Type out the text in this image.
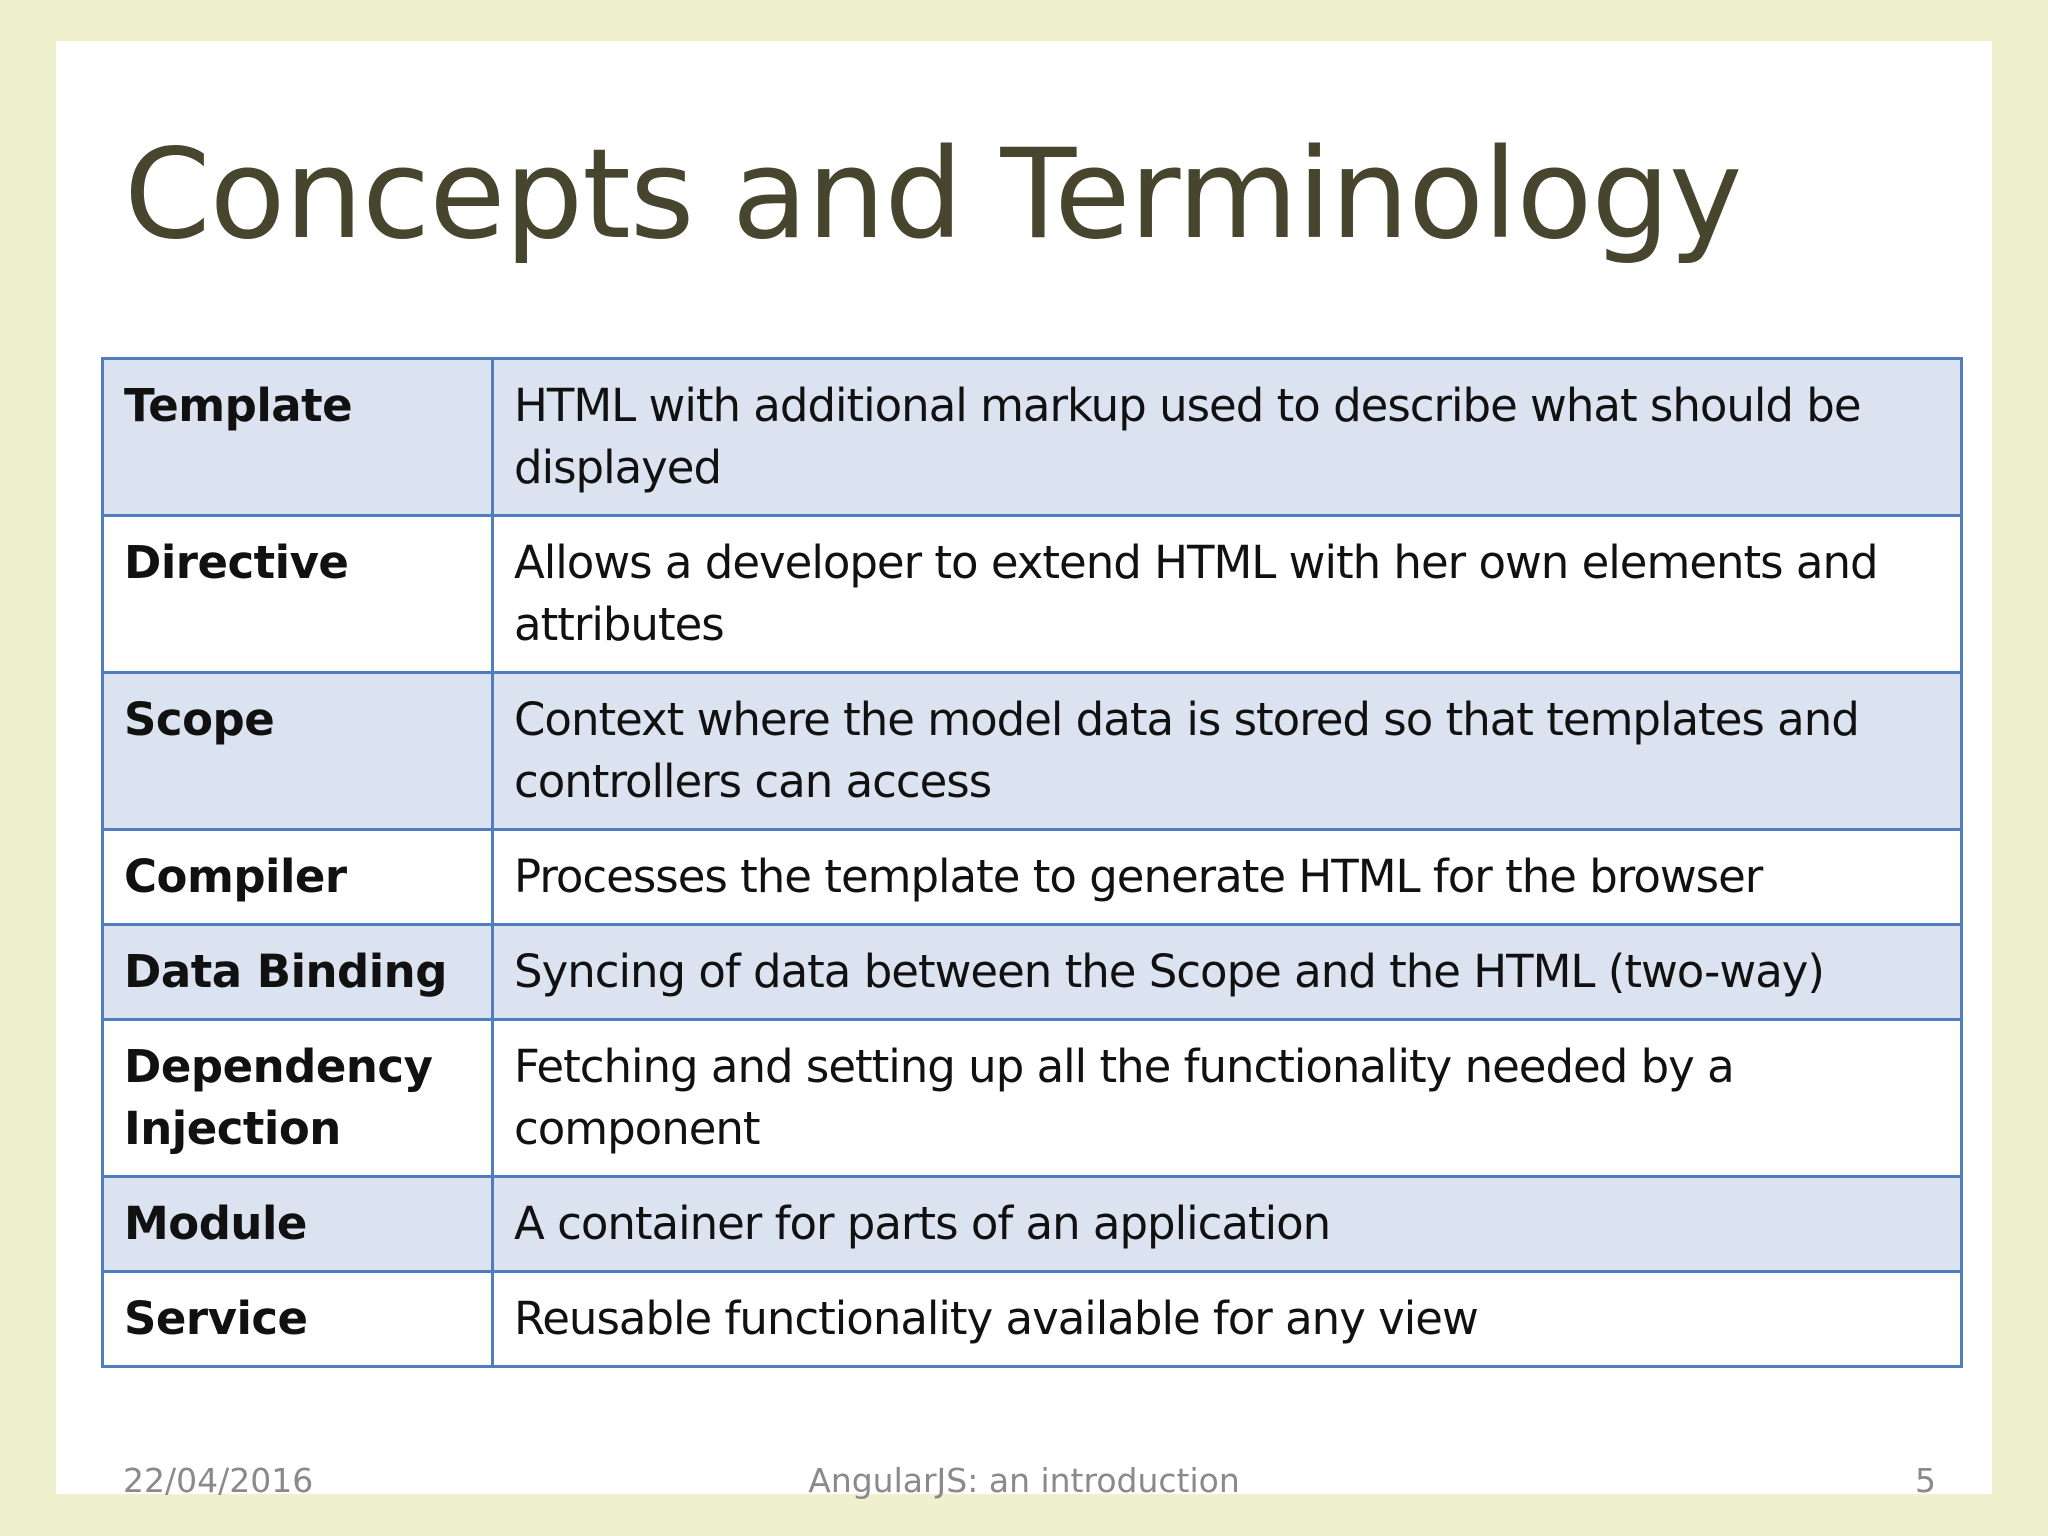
Concepts and Terminology
Template	HTML with additional markup used to describe what should be displayed
Directive	Allows a developer to extend HTML with her own elements and attributes
Scope	Context where the model data is stored so that templates and controllers can access
Compiler	Processes the template to generate HTML for the browser
Data Binding	Syncing of data between the Scope and the HTML (two-way)
Dependency Injection	Fetching and setting up all the functionality needed by a component
Module	A container for parts of an application
Service	Reusable functionality available for any view
22/04/2016	AngularJS: an introduction	5
